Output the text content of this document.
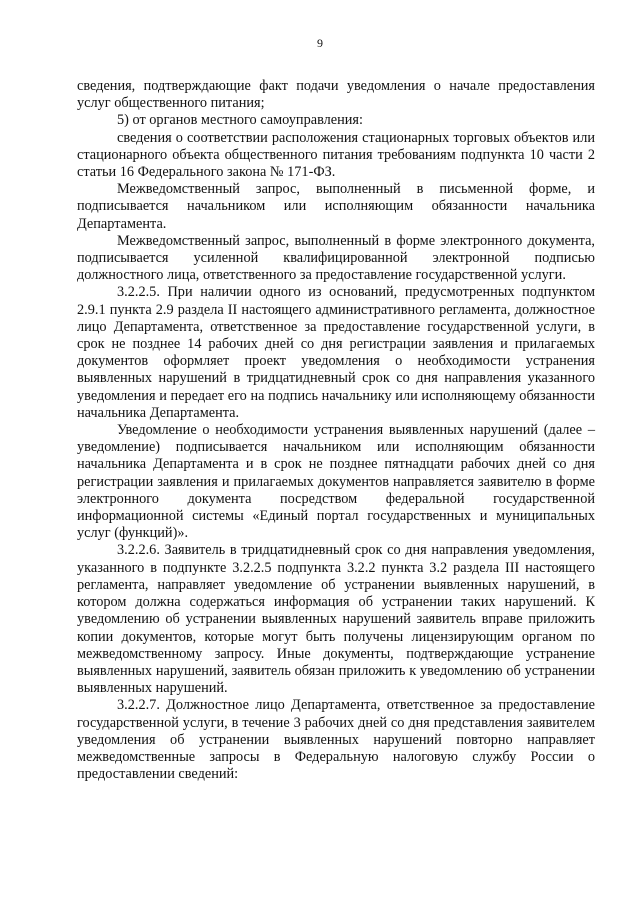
9

сведения, подтверждающие факт подачи уведомления о начале предоставления услуг общественного питания;

5) от органов местного самоуправления:

сведения о соответствии расположения стационарных торговых объектов или стационарного объекта общественного питания требованиям подпункта 10 части 2 статьи 16 Федерального закона № 171-ФЗ.

Межведомственный запрос, выполненный в письменной форме, и подписывается начальником или исполняющим обязанности начальника Департамента.

Межведомственный запрос, выполненный в форме электронного документа, подписывается усиленной квалифицированной электронной подписью должностного лица, ответственного за предоставление государственной услуги.

3.2.2.5. При наличии одного из оснований, предусмотренных подпунктом 2.9.1 пункта 2.9 раздела II настоящего административного регламента, должностное лицо Департамента, ответственное за предоставление государственной услуги, в срок не позднее 14 рабочих дней со дня регистрации заявления и прилагаемых документов оформляет проект уведомления о необходимости устранения выявленных нарушений в тридцатидневный срок со дня направления указанного уведомления и передает его на подпись начальнику или исполняющему обязанности начальника Департамента.

Уведомление о необходимости устранения выявленных нарушений (далее – уведомление) подписывается начальником или исполняющим обязанности начальника Департамента и в срок не позднее пятнадцати рабочих дней со дня регистрации заявления и прилагаемых документов направляется заявителю в форме электронного документа посредством федеральной государственной информационной системы «Единый портал государственных и муниципальных услуг (функций)».

3.2.2.6. Заявитель в тридцатидневный срок со дня направления уведомления, указанного в подпункте 3.2.2.5 подпункта 3.2.2 пункта 3.2 раздела III настоящего регламента, направляет уведомление об устранении выявленных нарушений, в котором должна содержаться информация об устранении таких нарушений. К уведомлению об устранении выявленных нарушений заявитель вправе приложить копии документов, которые могут быть получены лицензирующим органом по межведомственному запросу. Иные документы, подтверждающие устранение выявленных нарушений, заявитель обязан приложить к уведомлению об устранении выявленных нарушений.

3.2.2.7. Должностное лицо Департамента, ответственное за предоставление государственной услуги, в течение 3 рабочих дней со дня представления заявителем уведомления об устранении выявленных нарушений повторно направляет межведомственные запросы в Федеральную налоговую службу России о предоставлении сведений:
